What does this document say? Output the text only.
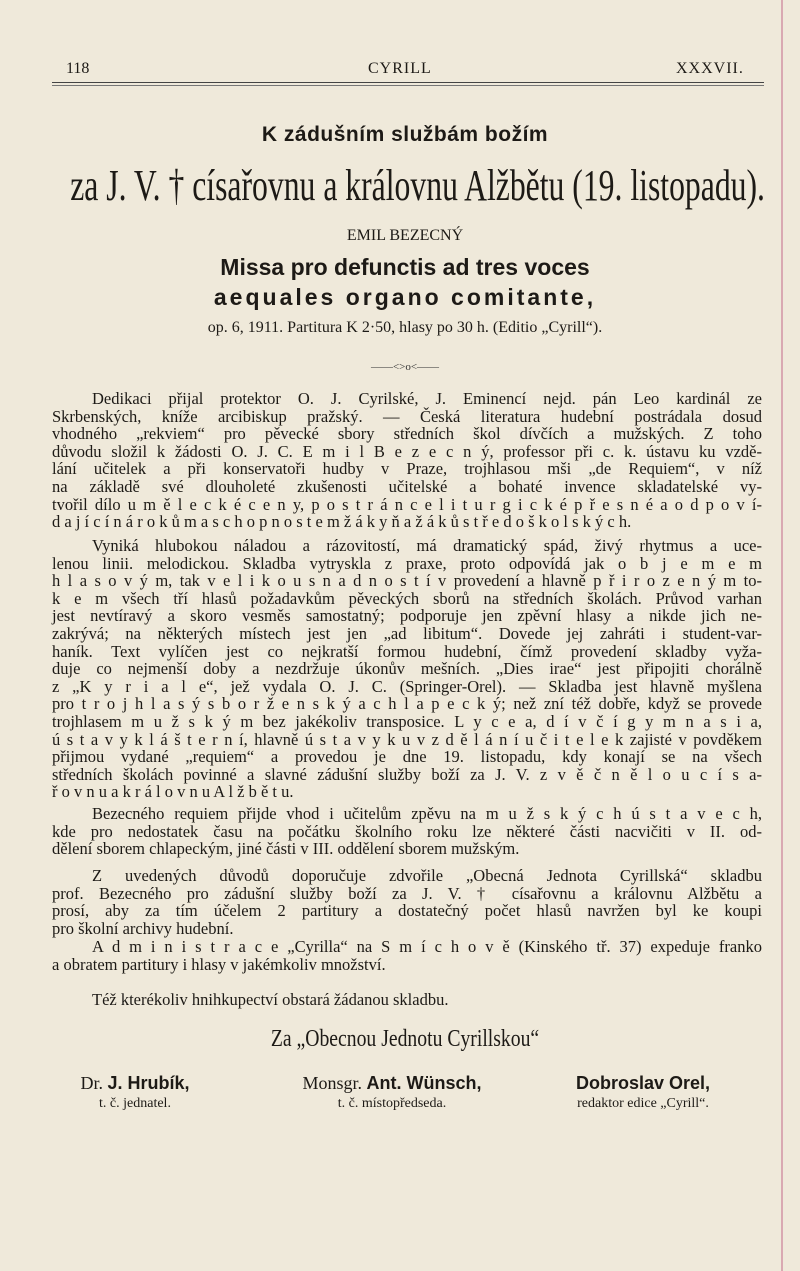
118	CYRILL	XXXVII.
K zádušním službám božím
za J. V. † císařovnu a královnu Alžbětu (19. listopadu).
EMIL BEZECNÝ
Missa pro defunctis ad tres voces
aequales organo comitante,
op. 6, 1911. Partitura K 2·50, hlasy po 30 h. (Editio „Cyrill“).
——<>o<——
Dedikaci přijal protektor O. J. Cyrilské, J. Eminencí nejd. pán Leo kardinál ze
Skrbenských, kníže arcibiskup pražský. — Česká literatura hudební postrádala dosud
vhodného „rekviem“ pro pěvecké sbory středních škol dívčích a mužských. Z toho
důvodu složil k žádosti O. J. C. E m i l B e z e c n ý, professor při c. k. ústavu ku vzdě-
lání učitelek a při konservatoři hudby v Praze, trojhlasou mši „de Requiem“, v níž
na základě své dlouholeté zkušenosti učitelské a bohaté invence skladatelské vy-
tvořil dílo u m ě l e c k é c e n y, p o s t r á n c e l i t u r g i c k é p ř e s n é a o d p o v í-
d a j í c í n á r o k ů m a s c h o p n o s t e m ž á k y ň a ž á k ů s t ř e d o š k o l s k ý c h.
Vyniká hlubokou náladou a rázovitostí, má dramatický spád, živý rhytmus a uce-
lenou linii. melodickou. Skladba vytryskla z praxe, proto odpovídá jak o b j e m e m
h l a s o v ý m, tak v e l i k o u s n a d n o s t í v provedení a hlavně p ř i r o z e n ý m to-
k e m všech tří hlasů požadavkům pěveckých sborů na středních školách. Průvod varhan
jest nevtíravý a skoro vesměs samostatný; podporuje jen zpěvní hlasy a nikde jich ne-
zakrývá; na některých místech jest jen „ad libitum“. Dovede jej zahráti i student-var-
haník. Text vylíčen jest co nejkratší formou hudební, čímž provedení skladby vyža-
duje co nejmenší doby a nezdržuje úkonův mešních. „Dies irae“ jest připojiti chorálně
z „K y r i a l e“, jež vydala O. J. C. (Springer-Orel). — Skladba jest hlavně myšlena
pro t r o j h l a s ý s b o r ž e n s k ý a c h l a p e c k ý; než zní též dobře, když se provede
trojhlasem m u ž s k ý m bez jakékoliv transposice. L y c e a, d í v č í g y m n a s i a,
ú s t a v y k l á š t e r n í, hlavně ú s t a v y k u v z d ě l á n í u č i t e l e k zajisté v povděkem
přijmou vydané „requiem“ a provedou je dne 19. listopadu, kdy konají se na všech
středních školách povinné a slavné zádušní služby boží za J. V. z v ě č n ě l o u c í s a-
ř o v n u a k r á l o v n u A l ž b ě t u.
Bezecného requiem přijde vhod i učitelům zpěvu na m u ž s k ý c h ú s t a v e c h,
kde pro nedostatek času na počátku školního roku lze některé části nacvičiti v II. od-
dělení sborem chlapeckým, jiné části v III. oddělení sborem mužským.
Z uvedených důvodů doporučuje zdvořile „Obecná Jednota Cyrillská“ skladbu
prof. Bezecného pro zádušní služby boží za J. V. † císařovnu a královnu Alžbětu a
prosí, aby za tím účelem 2 partitury a dostatečný počet hlasů navržen byl ke koupi
pro školní archivy hudební.
A d m i n i s t r a c e „Cyrilla“ na S m í c h o v ě (Kinského tř. 37) expeduje franko
a obratem partitury i hlasy v jakémkoliv množství.
Též kterékoliv hnihkupectví obstará žádanou skladbu.
Za „Obecnou Jednotu Cyrillskou“
Dr. J. Hrubík,
t. č. jednatel.
Monsgr. Ant. Wünsch,
t. č. místopředseda.
Dobroslav Orel,
redaktor edice „Cyrill“.
